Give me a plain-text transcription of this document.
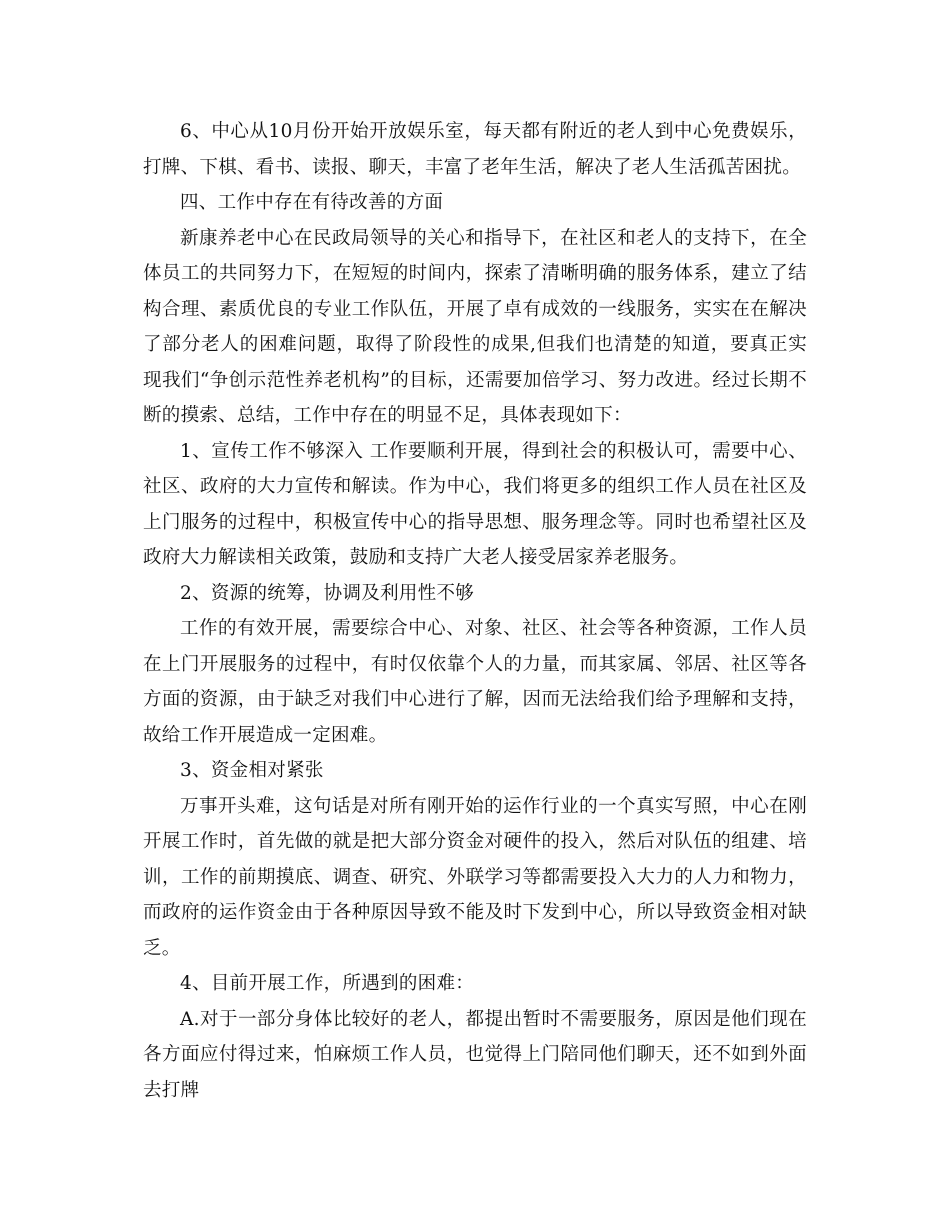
6、中心从10月份开始开放娱乐室，每天都有附近的老人到中心免费娱乐，打牌、下棋、看书、读报、聊天，丰富了老年生活，解决了老人生活孤苦困扰。

四、工作中存在有待改善的方面

新康养老中心在民政局领导的关心和指导下，在社区和老人的支持下，在全体员工的共同努力下，在短短的时间内，探索了清晰明确的服务体系，建立了结构合理、素质优良的专业工作队伍，开展了卓有成效的一线服务，实实在在解决了部分老人的困难问题，取得了阶段性的成果,但我们也清楚的知道，要真正实现我们“争创示范性养老机构”的目标，还需要加倍学习、努力改进。经过长期不断的摸索、总结，工作中存在的明显不足，具体表现如下：

1、宣传工作不够深入 工作要顺利开展，得到社会的积极认可，需要中心、社区、政府的大力宣传和解读。作为中心，我们将更多的组织工作人员在社区及上门服务的过程中，积极宣传中心的指导思想、服务理念等。同时也希望社区及政府大力解读相关政策，鼓励和支持广大老人接受居家养老服务。

2、资源的统筹，协调及利用性不够

工作的有效开展，需要综合中心、对象、社区、社会等各种资源，工作人员在上门开展服务的过程中，有时仅依靠个人的力量，而其家属、邻居、社区等各方面的资源，由于缺乏对我们中心进行了解，因而无法给我们给予理解和支持，故给工作开展造成一定困难。

3、资金相对紧张

万事开头难，这句话是对所有刚开始的运作行业的一个真实写照，中心在刚开展工作时，首先做的就是把大部分资金对硬件的投入，然后对队伍的组建、培训，工作的前期摸底、调查、研究、外联学习等都需要投入大力的人力和物力，而政府的运作资金由于各种原因导致不能及时下发到中心，所以导致资金相对缺乏。

4、目前开展工作，所遇到的困难：

A.对于一部分身体比较好的老人，都提出暂时不需要服务，原因是他们现在各方面应付得过来，怕麻烦工作人员，也觉得上门陪同他们聊天，还不如到外面去打牌
